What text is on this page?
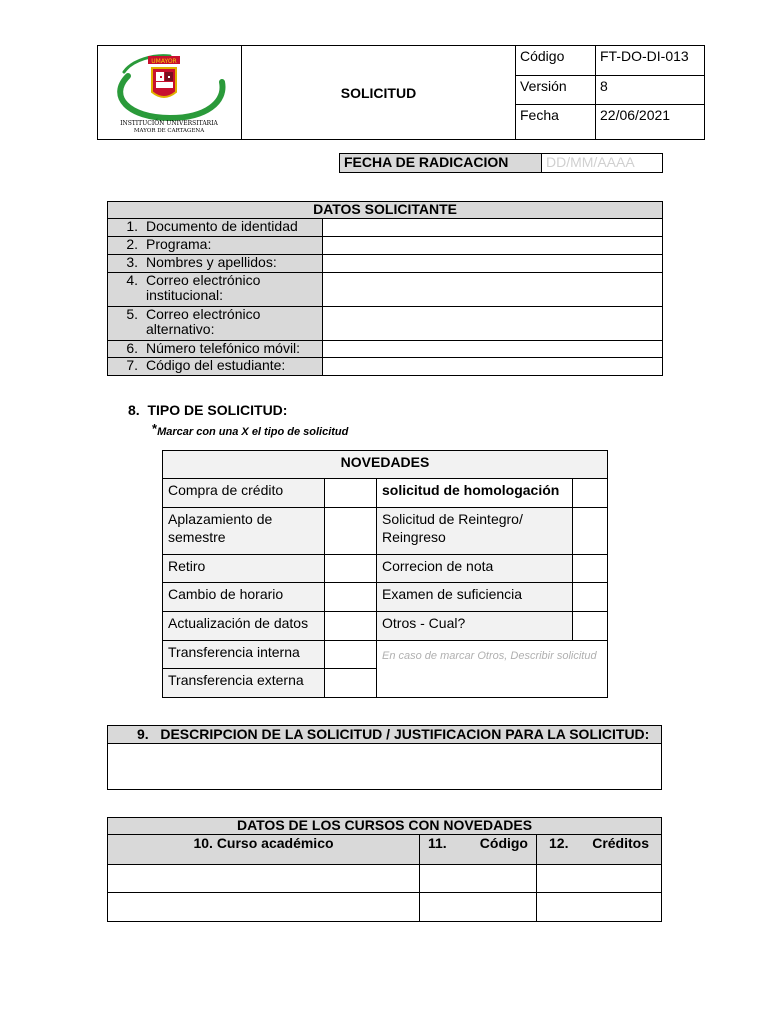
UMAYOR
INSTITUCIÓN UNIVERSITARIA
MAYOR DE CARTAGENA	SOLICITUD	Código	FT-DO-DI-013
		Versión	8
		Fecha	22/06/2021
FECHA DE RADICACION	DD/MM/AAAA
DATOS SOLICITANTE	
1. Documento de identidad	
2. Programa:	
3. Nombres y apellidos:	
4. Correo electrónico
institucional:	
5. Correo electrónico
alternativo:	
6. Número telefónico móvil:	
7. Código del estudiante:	
8.  TIPO DE SOLICITUD:
*Marcar con una X el tipo de solicitud
NOVEDADES			
Compra de crédito		solicitud de homologación	
Aplazamiento de semestre		Solicitud de Reintegro/ Reingreso	
Retiro		Correcion de nota	
Cambio de horario		Examen de suficiencia	
Actualización de datos		Otros - Cual?	
Transferencia interna		En caso de marcar Otros, Describir solicitud	

Transferencia externa			
9. DESCRIPCION DE LA SOLICITUD / JUSTIFICACION PARA LA SOLICITUD:

DATOS DE LOS CURSOS CON NOVEDADES		
10. Curso académico	11. Código	12. Créditos
